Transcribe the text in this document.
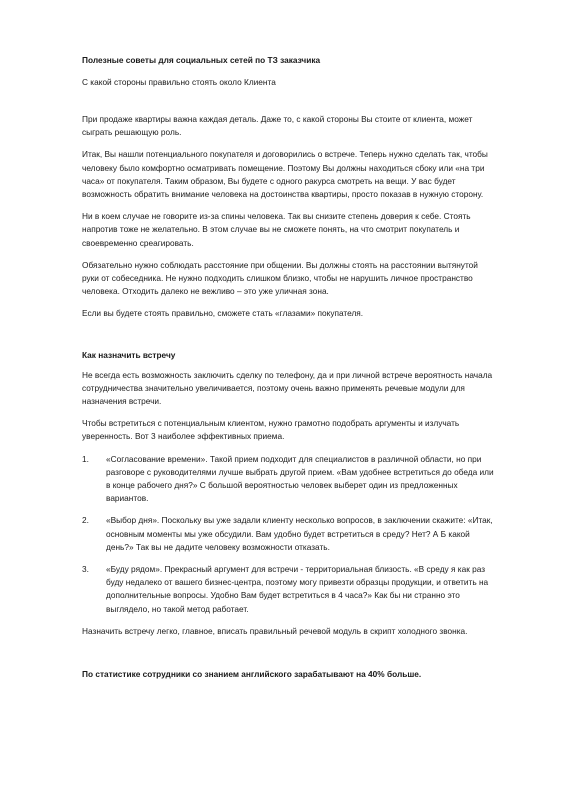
Полезные советы для социальных сетей по ТЗ заказчика
С какой стороны правильно стоять около Клиента

При продаже квартиры важна каждая деталь. Даже то, с какой стороны Вы стоите от клиента, может сыграть решающую роль.

Итак, Вы нашли потенциального покупателя и договорились о встрече. Теперь нужно сделать так, чтобы человеку было комфортно осматривать помещение. Поэтому Вы должны находиться сбоку или «на три часа» от покупателя. Таким образом, Вы будете с одного ракурса смотреть на вещи. У вас будет возможность обратить внимание человека на достоинства квартиры, просто показав в нужную сторону.

Ни в коем случае не говорите из-за спины человека. Так вы снизите степень доверия к себе. Стоять напротив тоже не желательно. В этом случае вы не сможете понять, на что смотрит покупатель и своевременно среагировать.

Обязательно нужно соблюдать расстояние при общении. Вы должны стоять на расстоянии вытянутой руки от собеседника. Не нужно подходить слишком близко, чтобы не нарушить личное пространство человека. Отходить далеко не вежливо – это уже уличная зона.

Если вы будете стоять правильно, сможете стать «глазами» покупателя.

Как назначить встречу

Не всегда есть возможность заключить сделку по телефону, да и при личной встрече вероятность начала сотрудничества значительно увеличивается, поэтому очень важно применять речевые модули для назначения встречи.

Чтобы встретиться с потенциальным клиентом, нужно грамотно подобрать аргументы и излучать уверенность. Вот 3 наиболее эффективных приема.

1.	«Согласование времени». Такой прием подходит для специалистов в различной области, но при разговоре с руководителями лучше выбрать другой прием. «Вам удобнее встретиться до обеда или в конце рабочего дня?» С большой вероятностью человек выберет один из предложенных вариантов.
2.	«Выбор дня». Поскольку вы уже задали клиенту несколько вопросов, в заключении скажите: «Итак, основным моменты мы уже обсудили. Вам удобно будет встретиться в среду? Нет? А Б какой день?» Так вы не дадите человеку возможности отказать.
3.	«Буду рядом». Прекрасный аргумент для встречи - территориальная близость. «В среду я как раз буду недалеко от вашего бизнес-центра, поэтому могу привезти образцы продукции, и ответить на дополнительные вопросы. Удобно Вам будет встретиться в 4 часа?» Как бы ни странно это выглядело, но такой метод работает.

Назначить встречу легко, главное, вписать правильный речевой модуль в скрипт холодного звонка.

По статистике сотрудники со знанием английского зарабатывают на 40% больше.
